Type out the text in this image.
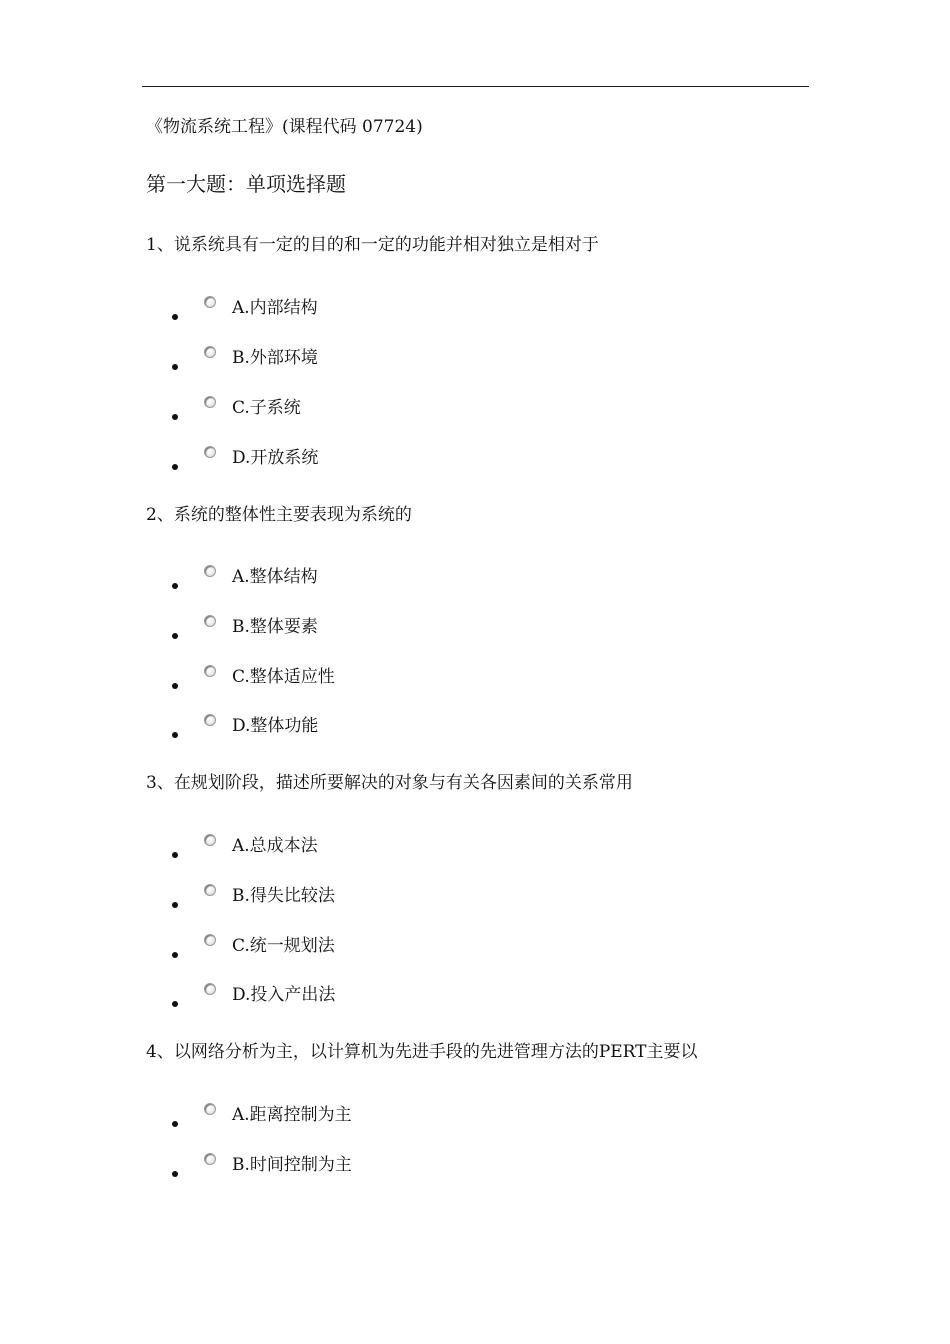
《物流系统工程》(课程代码 07724)
第一大题：单项选择题
1、说系统具有一定的目的和一定的功能并相对独立是相对于
A.内部结构
B.外部环境
C.子系统
D.开放系统
2、系统的整体性主要表现为系统的
A.整体结构
B.整体要素
C.整体适应性
D.整体功能
3、在规划阶段，描述所要解决的对象与有关各因素间的关系常用
A.总成本法
B.得失比较法
C.统一规划法
D.投入产出法
4、以网络分析为主，以计算机为先进手段的先进管理方法的PERT主要以
A.距离控制为主
B.时间控制为主
